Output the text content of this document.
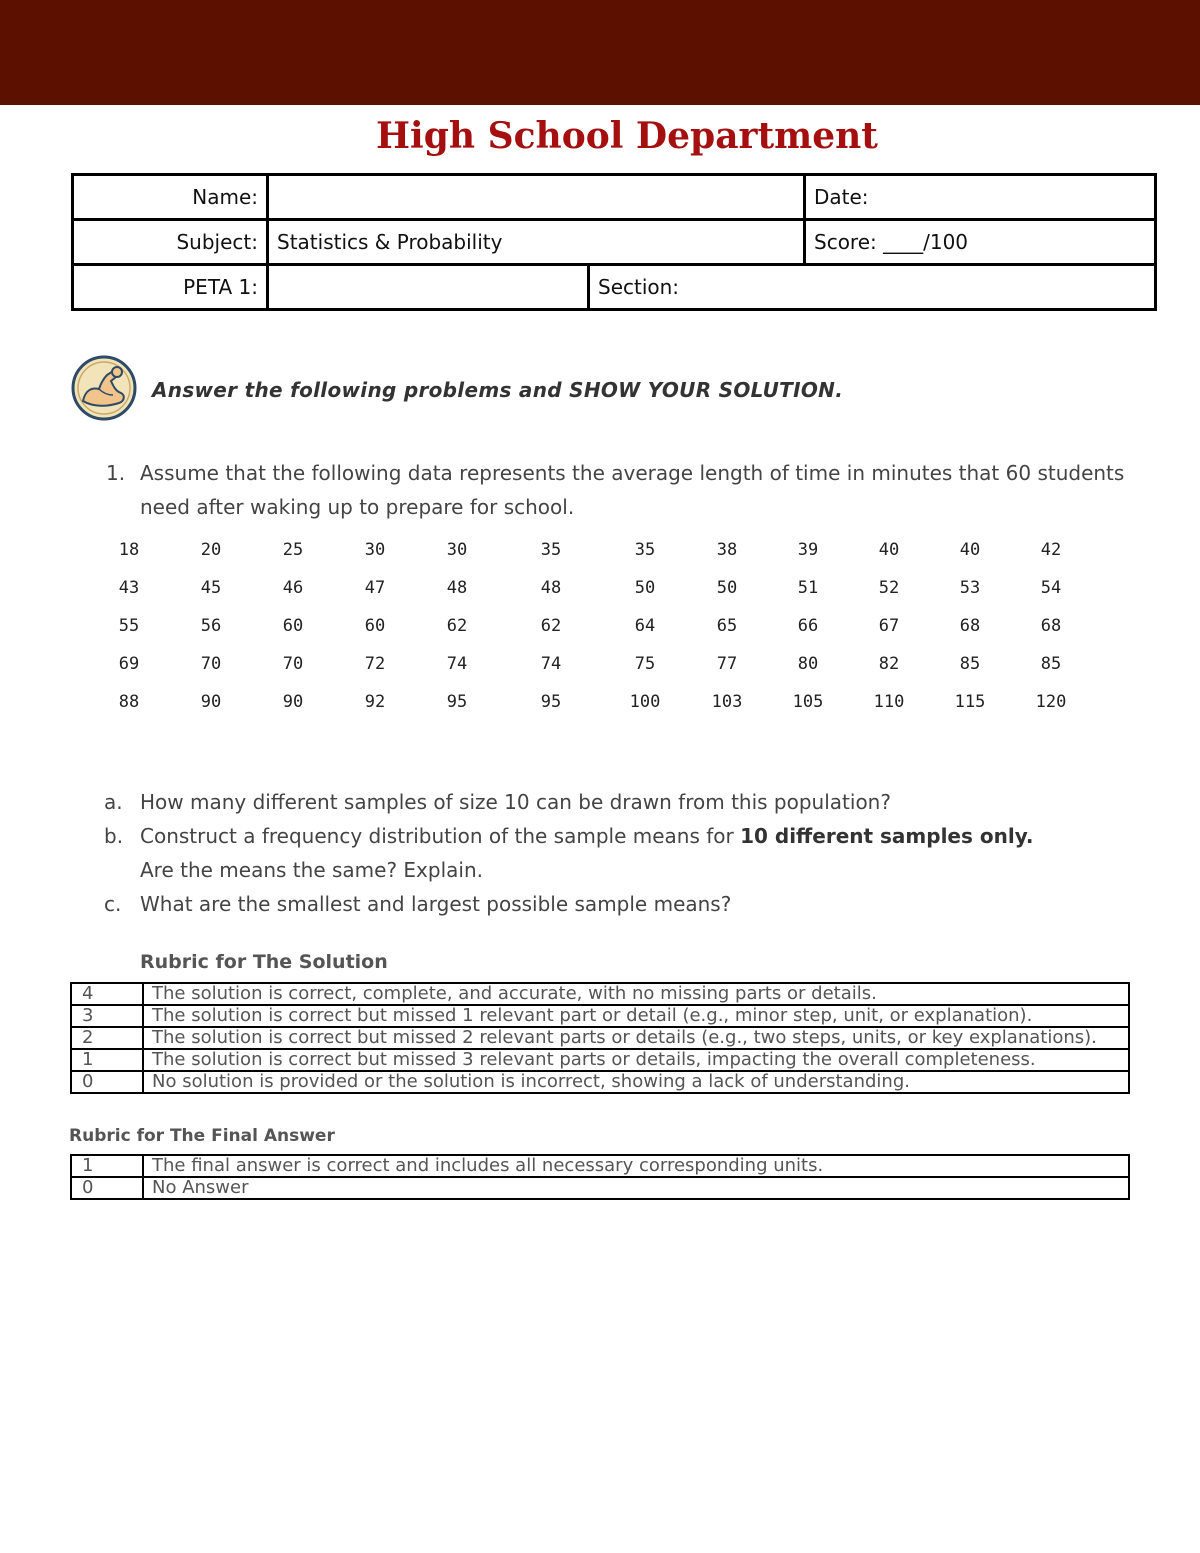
High School Department
Name:			Date:
Subject:	Statistics & Probability		Score: ____/100
PETA 1:		Section:	
Answer the following problems and SHOW YOUR SOLUTION.
1. Assume that the following data represents the average length of time in minutes that 60 students need after waking up to prepare for school.
18	20	25	30	30	35	35	38	39	40	40	42
43	45	46	47	48	48	50	50	51	52	53	54
55	56	60	60	62	62	64	65	66	67	68	68
69	70	70	72	74	74	75	77	80	82	85	85
88	90	90	92	95	95	100	103	105	110	115	120
a. How many different samples of size 10 can be drawn from this population?
b. Construct a frequency distribution of the sample means for 10 different samples only.
Are the means the same? Explain.
c. What are the smallest and largest possible sample means?
Rubric for The Solution
4	The solution is correct, complete, and accurate, with no missing parts or details.
3	The solution is correct but missed 1 relevant part or detail (e.g., minor step, unit, or explanation).
2	The solution is correct but missed 2 relevant parts or details (e.g., two steps, units, or key explanations).
1	The solution is correct but missed 3 relevant parts or details, impacting the overall completeness.
0	No solution is provided or the solution is incorrect, showing a lack of understanding.
Rubric for The Final Answer
1	The final answer is correct and includes all necessary corresponding units.
0	No Answer
